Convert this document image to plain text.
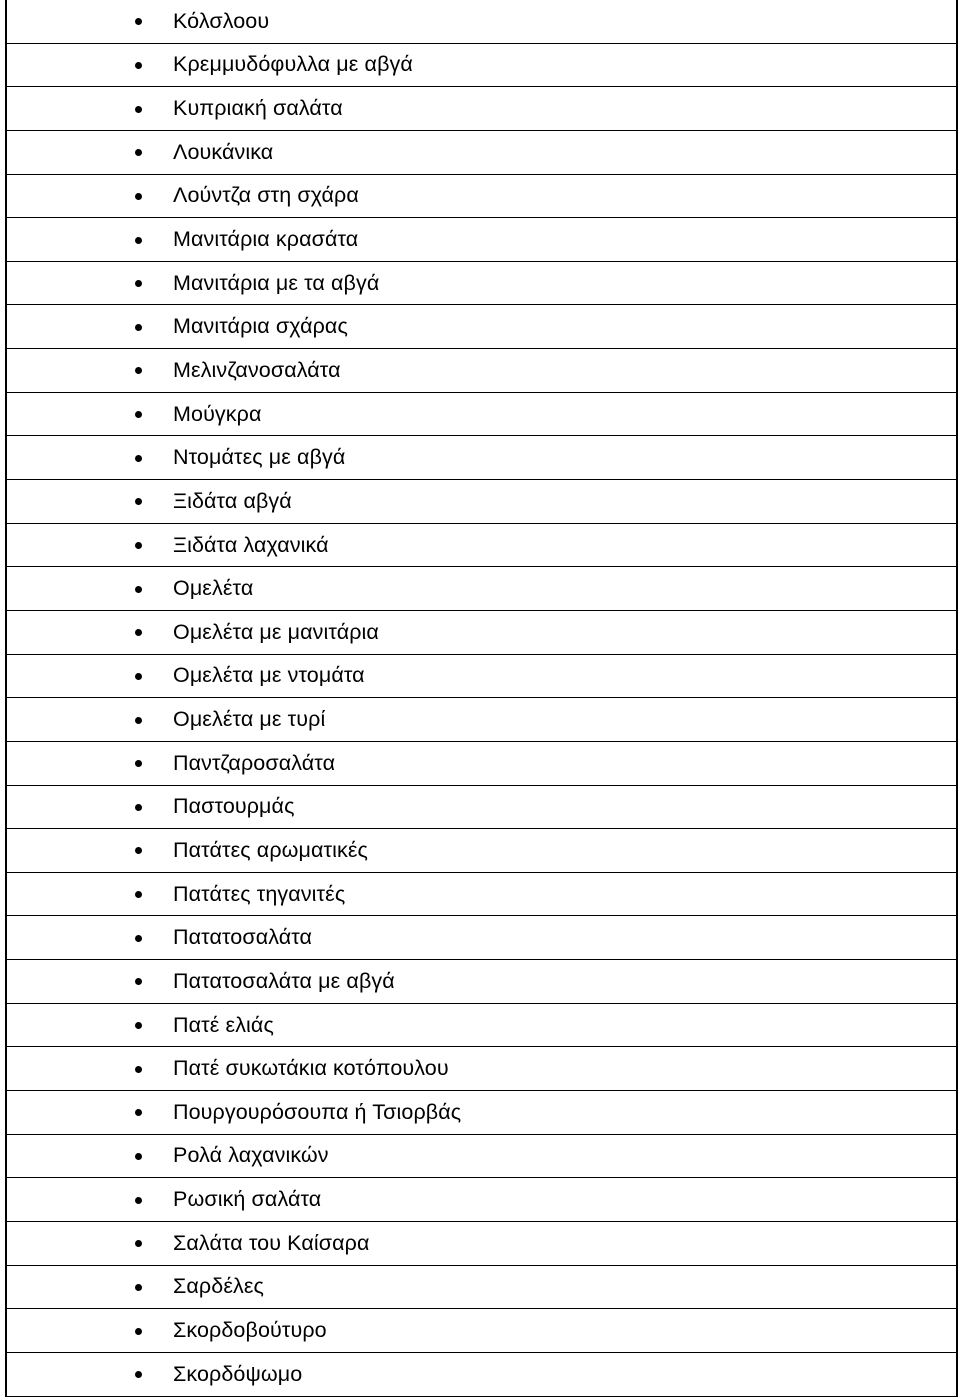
Κόλσλοου
Κρεμμυδόφυλλα με αβγά
Κυπριακή σαλάτα
Λουκάνικα
Λούντζα στη σχάρα
Μανιτάρια κρασάτα
Μανιτάρια με τα αβγά
Μανιτάρια σχάρας
Μελινζανοσαλάτα
Μούγκρα
Ντομάτες με αβγά
Ξιδάτα αβγά
Ξιδάτα λαχανικά
Ομελέτα
Ομελέτα με μανιτάρια
Ομελέτα με ντομάτα
Ομελέτα με τυρί
Παντζαροσαλάτα
Παστουρμάς
Πατάτες αρωματικές
Πατάτες τηγανιτές
Πατατοσαλάτα
Πατατοσαλάτα με αβγά
Πατέ ελιάς
Πατέ συκωτάκια κοτόπουλου
Πουργουρόσουπα ή Τσιορβάς
Ρολά λαχανικών
Ρωσική σαλάτα
Σαλάτα του Καίσαρα
Σαρδέλες
Σκορδοβούτυρο
Σκορδόψωμο
